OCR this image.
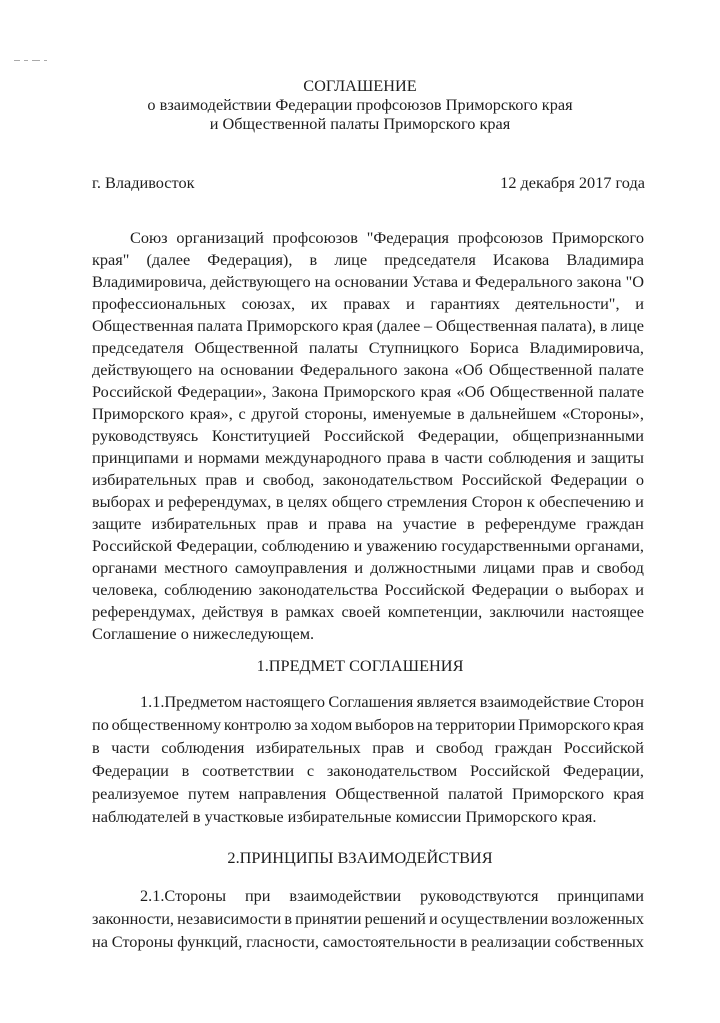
СОГЛАШЕНИЕ
о взаимодействии Федерации профсоюзов Приморского края
и Общественной палаты Приморского края
г. Владивосток	12 декабря 2017 года
Союз организаций профсоюзов "Федерация профсоюзов Приморского
края" (далее Федерация), в лице председателя Исакова Владимира
Владимировича, действующего на основании Устава и Федерального закона "О
профессиональных союзах, их правах и гарантиях деятельности", и
Общественная палата Приморского края (далее – Общественная палата), в лице
председателя Общественной палаты Ступницкого Бориса Владимировича,
действующего на основании Федерального закона «Об Общественной палате
Российской Федерации», Закона Приморского края «Об Общественной палате
Приморского края», с другой стороны, именуемые в дальнейшем «Стороны»,
руководствуясь Конституцией Российской Федерации, общепризнанными
принципами и нормами международного права в части соблюдения и защиты
избирательных прав и свобод, законодательством Российской Федерации о
выборах и референдумах, в целях общего стремления Сторон к обеспечению и
защите избирательных прав и права на участие в референдуме граждан
Российской Федерации, соблюдению и уважению государственными органами,
органами местного самоуправления и должностными лицами прав и свобод
человека, соблюдению законодательства Российской Федерации о выборах и
референдумах, действуя в рамках своей компетенции, заключили настоящее
Соглашение о нижеследующем.
1.ПРЕДМЕТ СОГЛАШЕНИЯ
1.1.Предметом настоящего Соглашения является взаимодействие Сторон
по общественному контролю за ходом выборов на территории Приморского края
в части соблюдения избирательных прав и свобод граждан Российской
Федерации в соответствии с законодательством Российской Федерации,
реализуемое путем направления Общественной палатой Приморского края
наблюдателей в участковые избирательные комиссии Приморского края.
2.ПРИНЦИПЫ ВЗАИМОДЕЙСТВИЯ
2.1.Стороны при взаимодействии руководствуются принципами
законности, независимости в принятии решений и осуществлении возложенных
на Стороны функций, гласности, самостоятельности в реализации собственных
